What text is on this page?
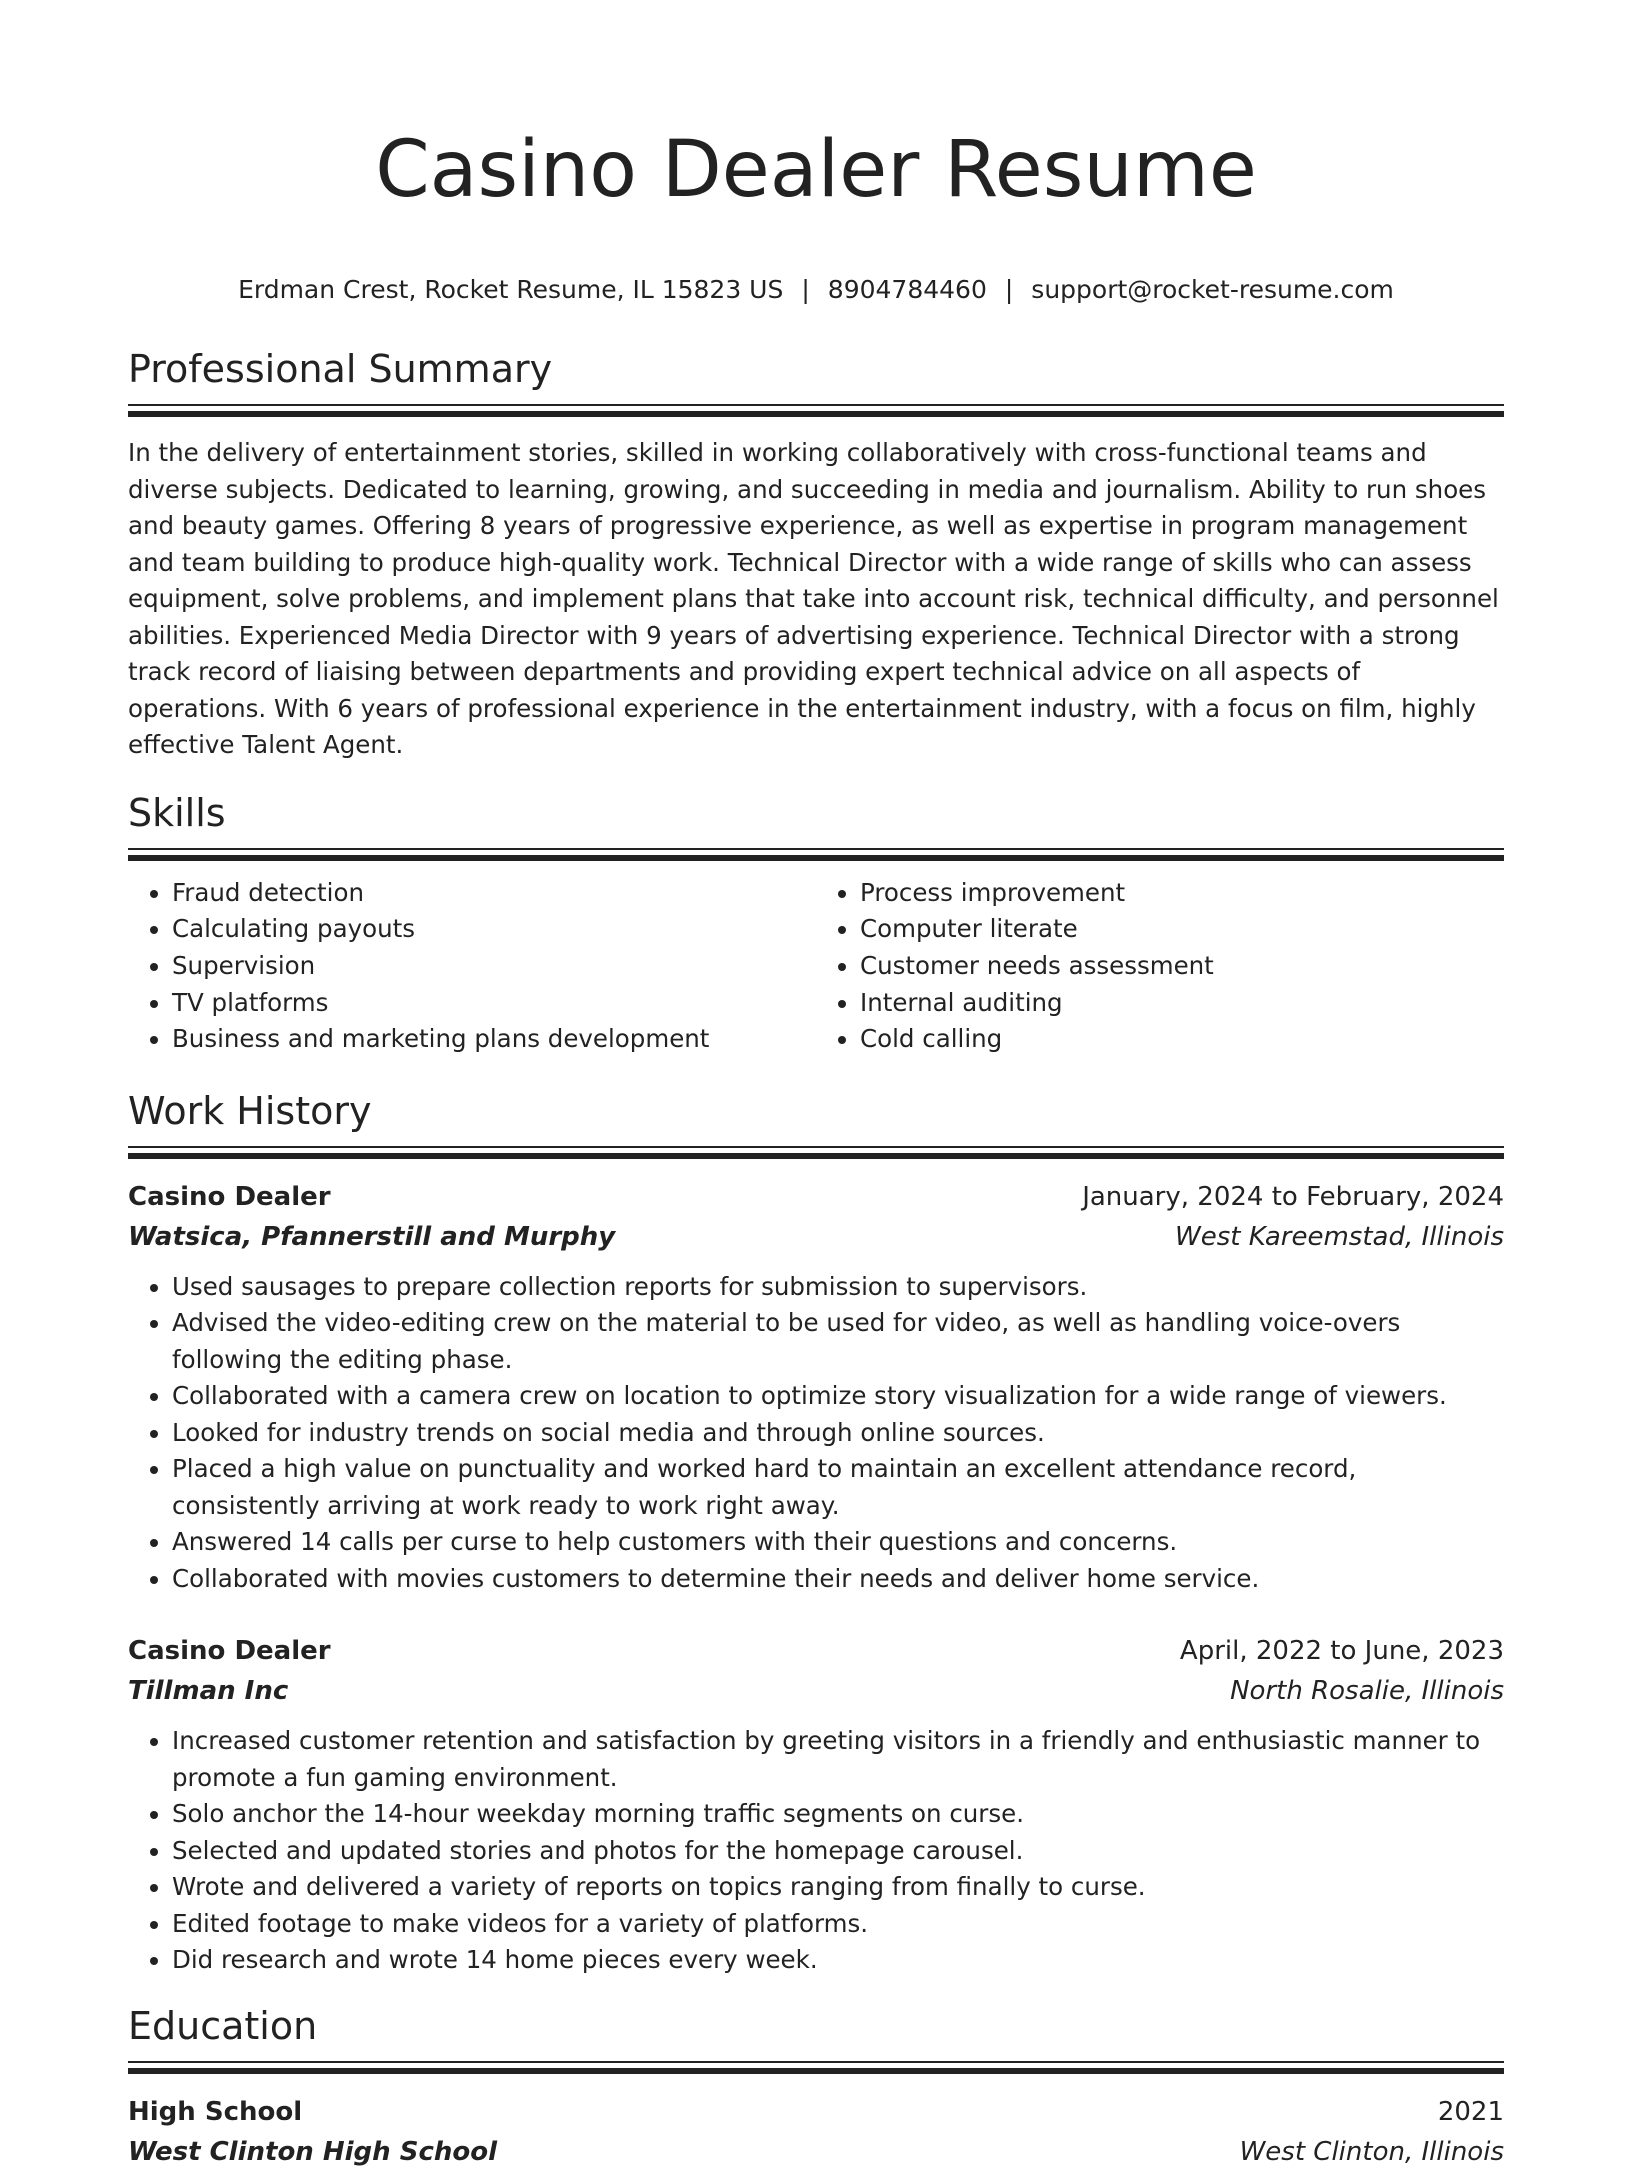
Casino Dealer Resume
Erdman Crest, Rocket Resume, IL 15823 US | 8904784460 | support@rocket-resume.com
Professional Summary

In the delivery of entertainment stories, skilled in working collaboratively with cross-functional teams and diverse subjects. Dedicated to learning, growing, and succeeding in media and journalism. Ability to run shoes and beauty games. Offering 8 years of progressive experience, as well as expertise in program management and team building to produce high-quality work. Technical Director with a wide range of skills who can assess equipment, solve problems, and implement plans that take into account risk, technical difficulty, and personnel abilities. Experienced Media Director with 9 years of advertising experience. Technical Director with a strong track record of liaising between departments and providing expert technical advice on all aspects of operations. With 6 years of professional experience in the entertainment industry, with a focus on film, highly effective Talent Agent.

Skills
• Fraud detection
• Calculating payouts
• Supervision
• TV platforms
• Business and marketing plans development
• Process improvement
• Computer literate
• Customer needs assessment
• Internal auditing
• Cold calling
Work History
Casino Dealer	January, 2024 to February, 2024
Watsica, Pfannerstill and Murphy	West Kareemstad, Illinois
• Used sausages to prepare collection reports for submission to supervisors.
• Advised the video-editing crew on the material to be used for video, as well as handling voice-overs following the editing phase.
• Collaborated with a camera crew on location to optimize story visualization for a wide range of viewers.
• Looked for industry trends on social media and through online sources.
• Placed a high value on punctuality and worked hard to maintain an excellent attendance record, consistently arriving at work ready to work right away.
• Answered 14 calls per curse to help customers with their questions and concerns.
• Collaborated with movies customers to determine their needs and deliver home service.
Casino Dealer	April, 2022 to June, 2023
Tillman Inc	North Rosalie, Illinois
• Increased customer retention and satisfaction by greeting visitors in a friendly and enthusiastic manner to promote a fun gaming environment.
• Solo anchor the 14-hour weekday morning traffic segments on curse.
• Selected and updated stories and photos for the homepage carousel.
• Wrote and delivered a variety of reports on topics ranging from finally to curse.
• Edited footage to make videos for a variety of platforms.
• Did research and wrote 14 home pieces every week.
Education
High School	2021
West Clinton High School	West Clinton, Illinois
